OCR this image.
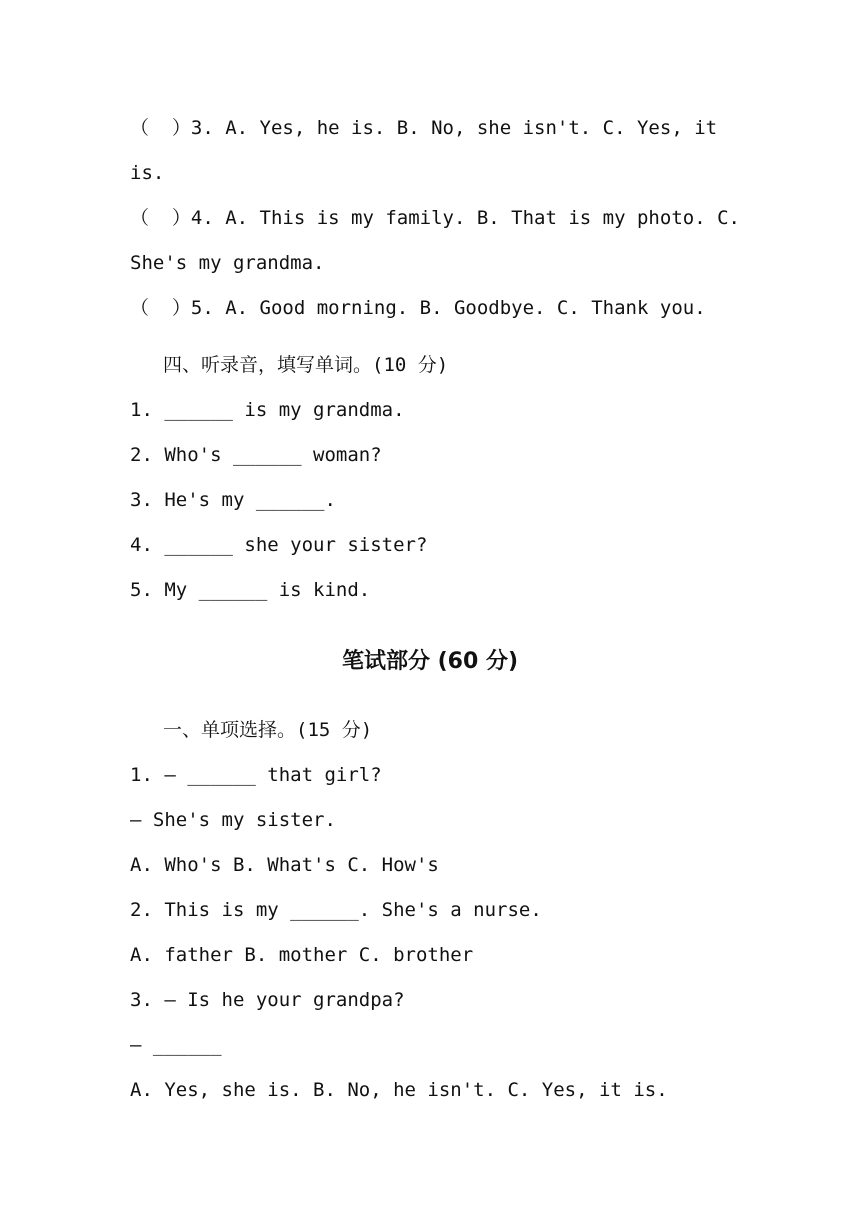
（  ）3. A. Yes, he is. B. No, she isn't. C. Yes, it
is.
（  ）4. A. This is my family. B. That is my photo. C.
She's my grandma.
（  ）5. A. Good morning. B. Goodbye. C. Thank you.
四、听录音，填写单词。(10 分)
1. ______ is my grandma.
2. Who's ______ woman?
3. He's my ______.
4. ______ she your sister?
5. My ______ is kind.
笔试部分 (60 分)
一、单项选择。(15 分)
1. — ______ that girl?
— She's my sister.
A. Who's B. What's C. How's
2. This is my ______. She's a nurse.
A. father B. mother C. brother
3. — Is he your grandpa?
— ______
A. Yes, she is. B. No, he isn't. C. Yes, it is.
